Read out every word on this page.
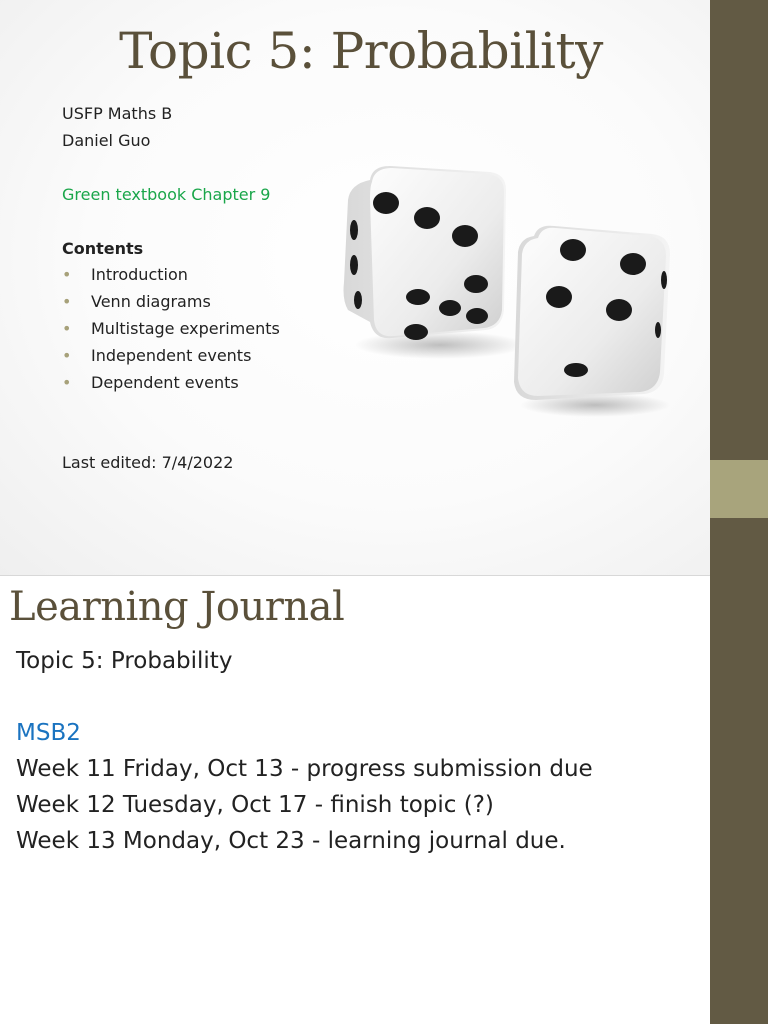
Topic 5: Probability
USFP Maths B
Daniel Guo
Green textbook Chapter 9
Contents
• Introduction
• Venn diagrams
• Multistage experiments
• Independent events
• Dependent events
Last edited: 7/4/2022
Learning Journal
Topic 5: Probability
MSB2
Week 11 Friday, Oct 13 - progress submission due
Week 12 Tuesday, Oct 17 - finish topic (?)
Week 13 Monday, Oct 23 - learning journal due.
